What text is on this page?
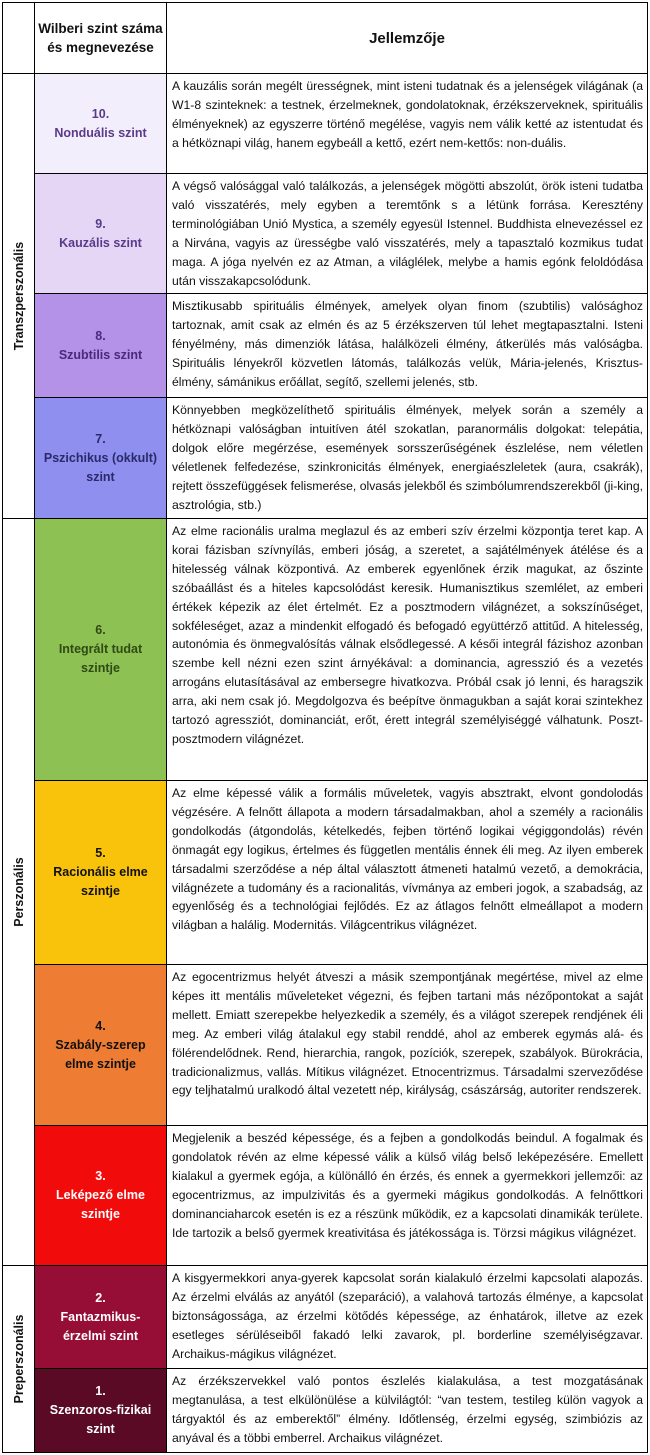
Wilberi szint száma és megnevezése
Jellemzője
Transzperszonális
Perszonális
Preperszonális
10.
Nonduális szint
A kauzális során megélt ürességnek, mint isteni tudatnak és a jelenségek világának (a W1-8 szinteknek: a testnek, érzelmeknek, gondolatoknak, érzékszerveknek, spirituális élményeknek) az egyszerre történő megélése, vagyis nem válik ketté az istentudat és a hétköznapi világ, hanem egybeáll a kettő, ezért nem-kettős: non-duális.
9.
Kauzális szint
A végső valósággal való találkozás, a jelenségek mögötti abszolút, örök isteni tudatba való visszatérés, mely egyben a teremtőnk s a létünk forrása. Keresztény terminológiában Unió Mystica, a személy egyesül Istennel. Buddhista elnevezéssel ez a Nirvána, vagyis az ürességbe való visszatérés, mely a tapasztaló kozmikus tudat maga. A jóga nyelvén ez az Atman, a világlélek, melybe a hamis egónk feloldódása után visszakapcsolódunk.
8.
Szubtilis szint
Misztikusabb spirituális élmények, amelyek olyan finom (szubtilis) valósághoz tartoznak, amit csak az elmén és az 5 érzékszerven túl lehet megtapasztalni. Isteni fényélmény, más dimenziók látása, halálközeli élmény, átkerülés más valóságba. Spirituális lényekről közvetlen látomás, találkozás velük, Mária-jelenés, Krisztus-élmény, sámánikus erőállat, segítő, szellemi jelenés, stb.
7.
Pszichikus (okkult) szint
Könnyebben megközelíthető spirituális élmények, melyek során a személy a hétköznapi valóságban intuitíven átél szokatlan, paranormális dolgokat: telepátia, dolgok előre megérzése, események sorsszerűségének észlelése, nem véletlen véletlenek felfedezése, szinkronicitás élmények, energiaészleletek (aura, csakrák), rejtett összefüggések felismerése, olvasás jelekből és szimbólumrendszerekből (ji-king, asztrológia, stb.)
6.
Integrált tudat szintje
Az elme racionális uralma meglazul és az emberi szív érzelmi központja teret kap. A korai fázisban szívnyílás, emberi jóság, a szeretet, a sajátélmények átélése és a hitelesség válnak központivá. Az emberek egyenlőnek érzik magukat, az őszinte szóbaállást és a hiteles kapcsolódást keresik. Humanisztikus szemlélet, az emberi értékek képezik az élet értelmét. Ez a posztmodern világnézet, a sokszínűséget, sokféleséget, azaz a mindenkit elfogadó és befogadó együttérző attitűd. A hitelesség, autonómia és önmegvalósítás válnak elsődlegessé. A késői integrál fázishoz azonban szembe kell nézni ezen szint árnyékával: a dominancia, agresszió és a vezetés arrogáns elutasításával az embersegre hivatkozva. Próbál csak jó lenni, és haragszik arra, aki nem csak jó. Megdolgozva és beépítve önmagukban a saját korai szintekhez tartozó agressziót, dominanciát, erőt, érett integrál személyiséggé válhatunk. Poszt-posztmodern világnézet.
5.
Racionális elme szintje
Az elme képessé válik a formális műveletek, vagyis absztrakt, elvont gondolodás végzésére. A felnőtt állapota a modern társadalmakban, ahol a személy a racionális gondolkodás (átgondolás, kételkedés, fejben történő logikai végiggondolás) révén önmagát egy logikus, értelmes és független mentális énnek éli meg. Az ilyen emberek társadalmi szerződése a nép által választott átmeneti hatalmú vezető, a demokrácia, világnézete a tudomány és a racionalitás, vívmánya az emberi jogok, a szabadság, az egyenlőség és a technológiai fejlődés. Ez az átlagos felnőtt elmeállapot a modern világban a halálig. Modernitás. Világcentrikus világnézet.
4.
Szabály-szerep elme szintje
Az egocentrizmus helyét átveszi a másik szempontjának megértése, mivel az elme képes itt mentális műveleteket végezni, és fejben tartani más nézőpontokat a saját mellett. Emiatt szerepekbe helyezkedik a személy, és a világot szerepek rendjének éli meg. Az emberi világ átalakul egy stabil renddé, ahol az emberek egymás alá- és fölérendelődnek. Rend, hierarchia, rangok, pozíciók, szerepek, szabályok. Bürokrácia, tradicionalizmus, vallás. Mítikus világnézet. Etnocentrizmus. Társadalmi szerveződése egy teljhatalmú uralkodó által vezetett nép, királyság, császárság, autoriter rendszerek.
3.
Leképező elme szintje
Megjelenik a beszéd képessége, és a fejben a gondolkodás beindul. A fogalmak és gondolatok révén az elme képessé válik a külső világ belső leképezésére. Emellett kialakul a gyermek egója, a különálló én érzés, és ennek a gyermekkori jellemzői: az egocentrizmus, az impulzivitás és a gyermeki mágikus gondolkodás. A felnőttkori dominanciaharcok esetén is ez a részünk működik, ez a kapcsolati dinamikák területe. Ide tartozik a belső gyermek kreativitása és játékossága is. Törzsi mágikus világnézet.
2.
Fantazmikus-érzelmi szint
A kisgyermekkori anya-gyerek kapcsolat során kialakuló érzelmi kapcsolati alapozás. Az érzelmi elválás az anyától (szeparáció), a valahová tartozás élménye, a kapcsolat biztonságossága, az érzelmi kötődés képessége, az énhatárok, illetve az ezek esetleges sérüléseiből fakadó lelki zavarok, pl. borderline személyiségzavar. Archaikus-mágikus világnézet.
1.
Szenzoros-fizikai szint
Az érzékszervekkel való pontos észlelés kialakulása, a test mozgatásának megtanulása, a test elkülönülése a külvilágtól: “van testem, testileg külön vagyok a tárgyaktól és az emberektől” élmény. Időtlenség, érzelmi egység, szimbiózis az anyával és a többi emberrel. Archaikus világnézet.
